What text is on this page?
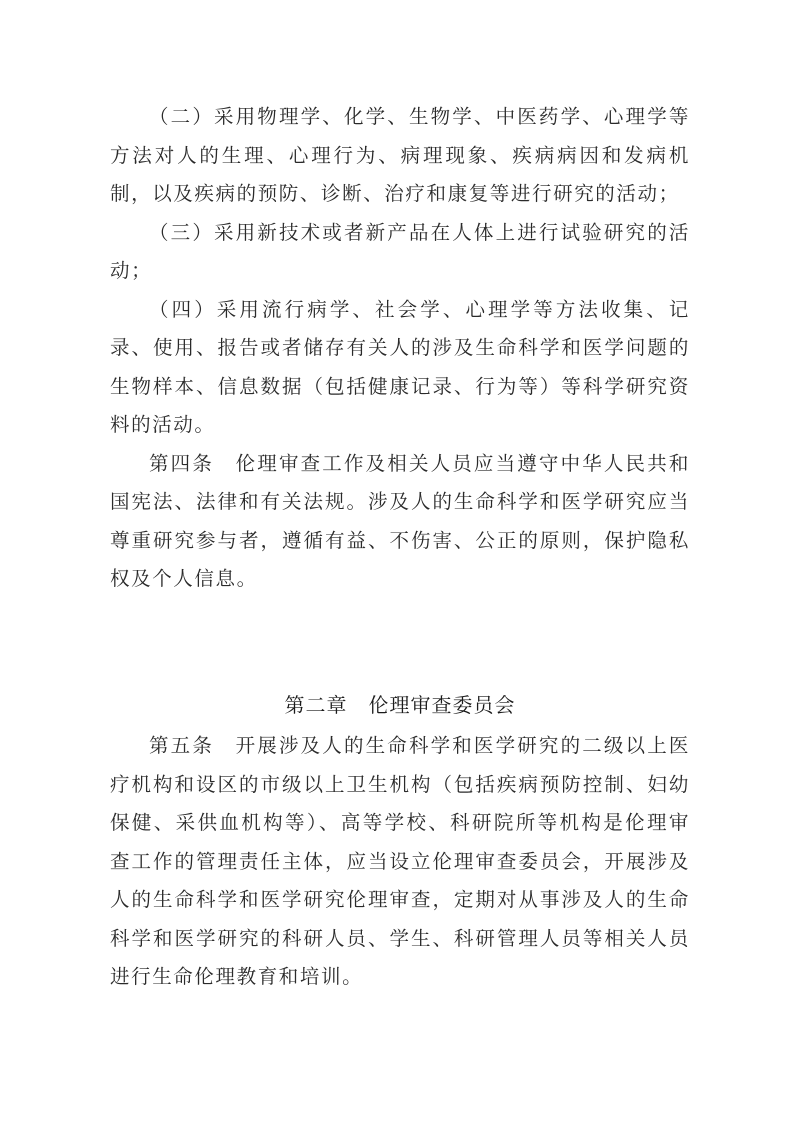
（二）采用物理学、化学、生物学、中医药学、心理学等方法对人的生理、心理行为、病理现象、疾病病因和发病机制，以及疾病的预防、诊断、治疗和康复等进行研究的活动；

（三）采用新技术或者新产品在人体上进行试验研究的活动；

（四）采用流行病学、社会学、心理学等方法收集、记录、使用、报告或者储存有关人的涉及生命科学和医学问题的生物样本、信息数据（包括健康记录、行为等）等科学研究资料的活动。

第四条　伦理审查工作及相关人员应当遵守中华人民共和国宪法、法律和有关法规。涉及人的生命科学和医学研究应当尊重研究参与者，遵循有益、不伤害、公正的原则，保护隐私权及个人信息。

第二章　伦理审查委员会

第五条　开展涉及人的生命科学和医学研究的二级以上医疗机构和设区的市级以上卫生机构（包括疾病预防控制、妇幼保健、采供血机构等）、高等学校、科研院所等机构是伦理审查工作的管理责任主体，应当设立伦理审查委员会，开展涉及人的生命科学和医学研究伦理审查，定期对从事涉及人的生命科学和医学研究的科研人员、学生、科研管理人员等相关人员进行生命伦理教育和培训。
